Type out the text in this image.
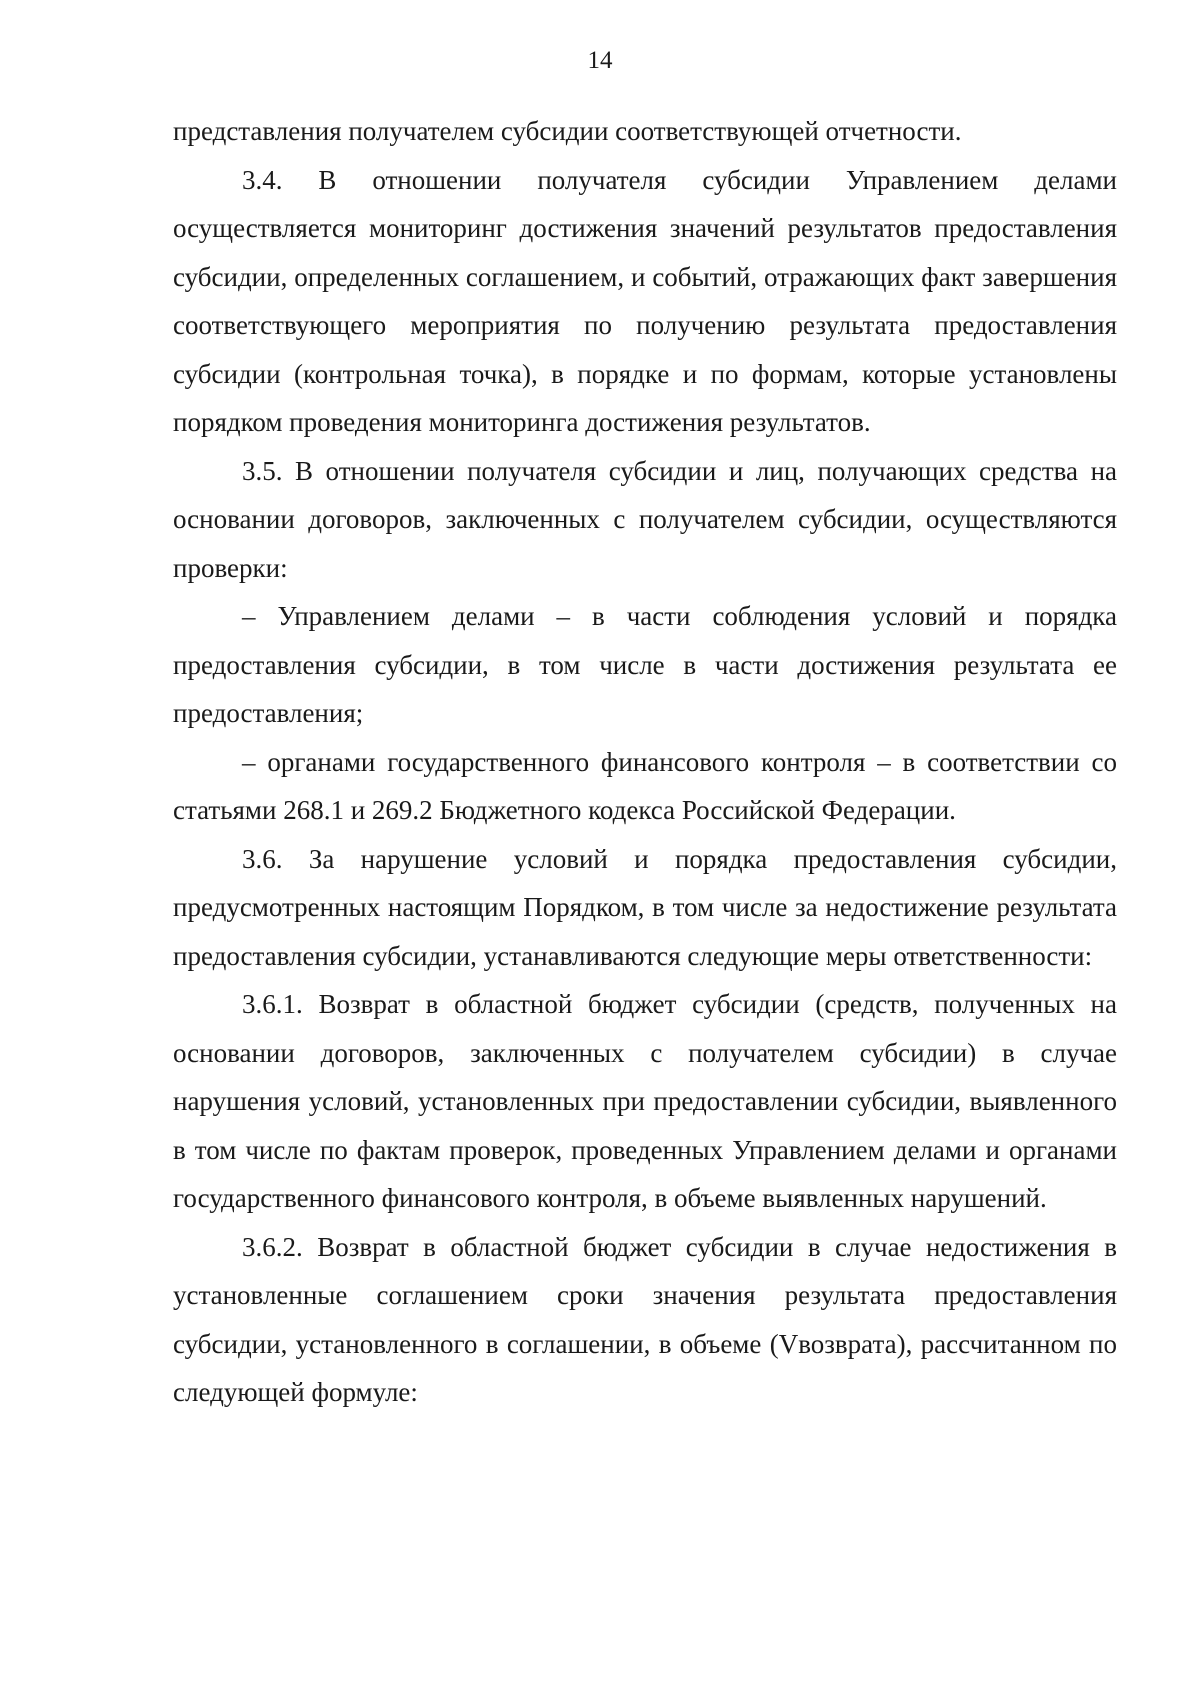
14

представления получателем субсидии соответствующей отчетности.

3.4. В отношении получателя субсидии Управлением делами осуществляется мониторинг достижения значений результатов предоставления субсидии, определенных соглашением, и событий, отражающих факт завершения соответствующего мероприятия по получению результата предоставления субсидии (контрольная точка), в порядке и по формам, которые установлены порядком проведения мониторинга достижения результатов.

3.5. В отношении получателя субсидии и лиц, получающих средства на основании договоров, заключенных с получателем субсидии, осуществляются проверки:

– Управлением делами – в части соблюдения условий и порядка предоставления субсидии, в том числе в части достижения результата ее предоставления;

– органами государственного финансового контроля – в соответствии со статьями 268.1 и 269.2 Бюджетного кодекса Российской Федерации.

3.6. За нарушение условий и порядка предоставления субсидии, предусмотренных настоящим Порядком, в том числе за недостижение результата предоставления субсидии, устанавливаются следующие меры ответственности:

3.6.1. Возврат в областной бюджет субсидии (средств, полученных на основании договоров, заключенных с получателем субсидии) в случае нарушения условий, установленных при предоставлении субсидии, выявленного в том числе по фактам проверок, проведенных Управлением делами и органами государственного финансового контроля, в объеме выявленных нарушений.

3.6.2. Возврат в областной бюджет субсидии в случае недостижения в установленные соглашением сроки значения результата предоставления субсидии, установленного в соглашении, в объеме (Vвозврата), рассчитанном по следующей формуле:
